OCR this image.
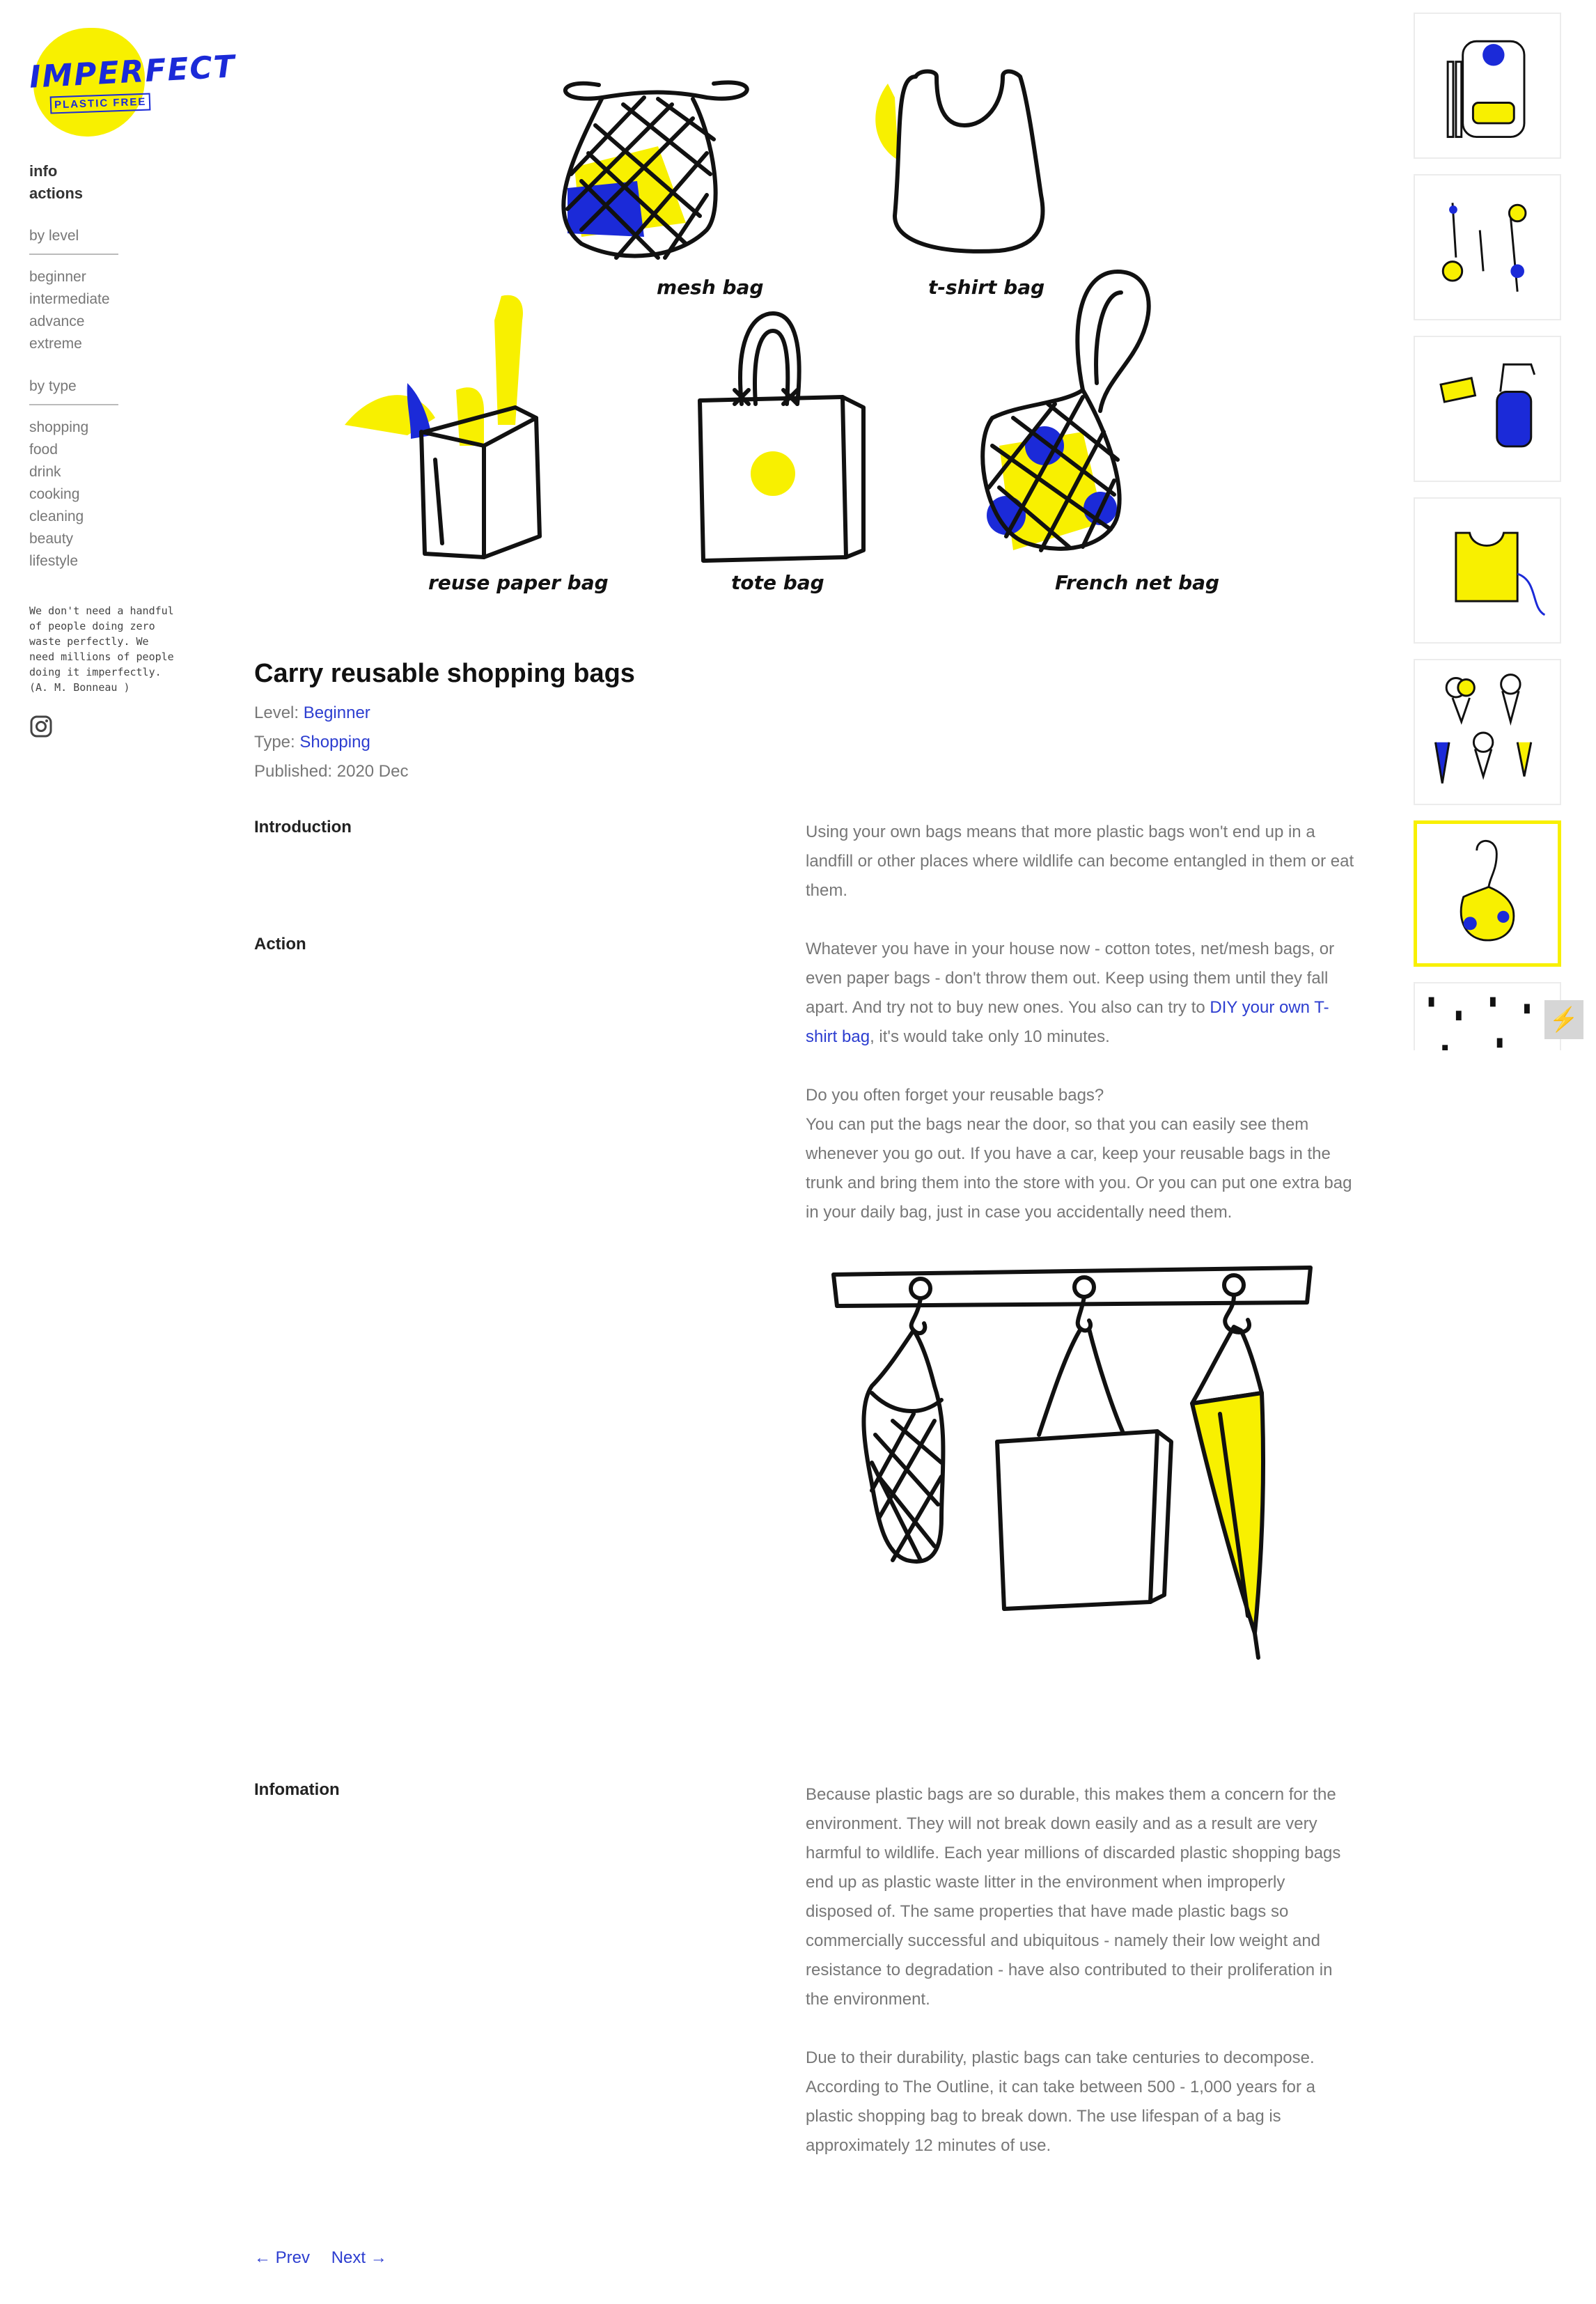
IMPERFECT
PLASTIC FREE
info
actions
by level
beginner
intermediate
advance
extreme
by type
shopping
food
drink
cooking
cleaning
beauty
lifestyle
We don't need a handful
of people doing zero
waste perfectly. We
need millions of people
doing it imperfectly.
(A. M. Bonneau )
mesh bag	t-shirt bag
reuse paper bag	tote bag	French net bag
Carry reusable shopping bags
Level: Beginner
Type: Shopping
Published: 2020 Dec
Introduction	Using your own bags means that more plastic bags won't end up in a landfill or other places where wildlife can become entangled in them or eat them.

Action	Whatever you have in your house now - cotton totes, net/mesh bags, or even paper bags - don't throw them out. Keep using them until they fall apart. And try not to buy new ones. You also can try to DIY your own T-shirt bag, it's would take only 10 minutes.

Do you often forget your reusable bags?
You can put the bags near the door, so that you can easily see them whenever you go out. If you have a car, keep your reusable bags in the trunk and bring them into the store with you. Or you can put one extra bag in your daily bag, just in case you accidentally need them.

Infomation	Because plastic bags are so durable, this makes them a concern for the environment. They will not break down easily and as a result are very harmful to wildlife. Each year millions of discarded plastic shopping bags end up as plastic waste litter in the environment when improperly disposed of. The same properties that have made plastic bags so commercially successful and ubiquitous - namely their low weight and resistance to degradation - have also contributed to their proliferation in the environment.

Due to their durability, plastic bags can take centuries to decompose. According to The Outline, it can take between 500 - 1,000 years for a plastic shopping bag to break down. The use lifespan of a bag is approximately 12 minutes of use.

← Prev Next →
⚡
